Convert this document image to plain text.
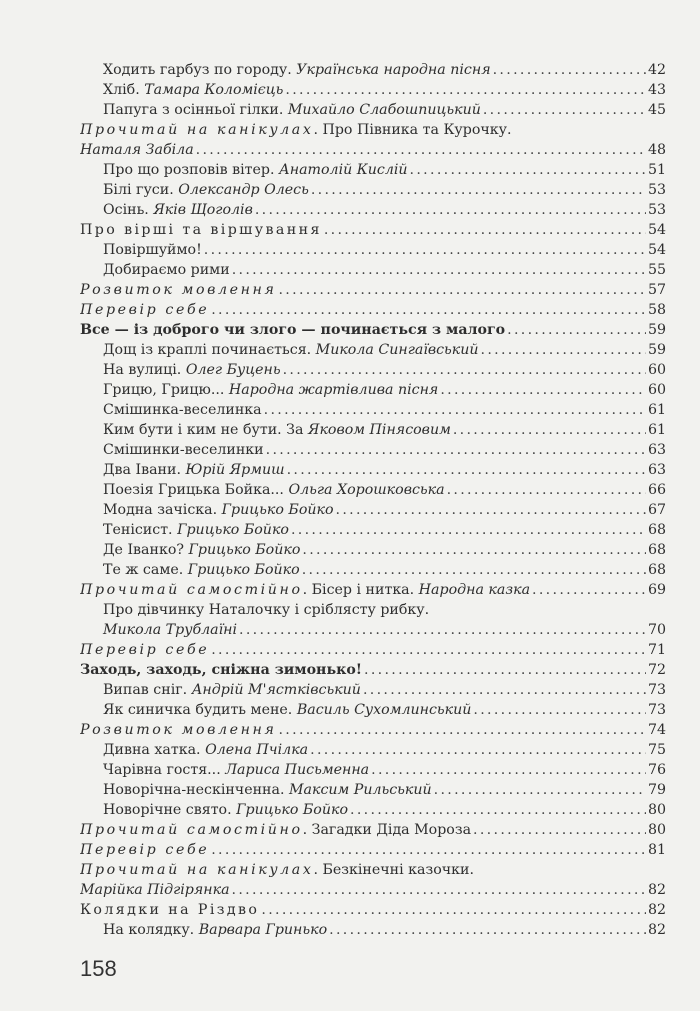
Ходить гарбуз по городу. Українська народна пісня . . .	42
Хліб. Тамара Коломієць . . .	43
Папуга з осінньої гілки. Михайло Слабошпицький . . .	45
Прочитай на канікулах. Про Півника та Курочку.
Наталя Забіла . . .	48
Про що розповів вітер. Анатолій Кислій . . .	51
Білі гуси. Олександр Олесь . . .	53
Осінь. Яків Щоголів . . .	53
Про вірші та віршування . . .	54
Повіршуймо! . . .	54
Добираємо рими . . .	55
Розвиток мовлення . . .	57
Перевір себе . . .	58
Все — із доброго чи злого — починається з малого . . .	59
Дощ із краплі починається. Микола Сингаївський . . .	59
На вулиці. Олег Буцень . . .	60
Грицю, Грицю... Народна жартівлива пісня . . .	60
Смішинка-веселинка . . .	61
Ким бути і ким не бути. За Яковом Пінясовим . . .	61
Смішинки-веселинки . . .	63
Два Івани. Юрій Ярмиш . . .	63
Поезія Грицька Бойка... Ольга Хорошковська . . .	66
Модна зачіска. Грицько Бойко . . .	67
Тенісист. Грицько Бойко . . .	68
Де Іванко? Грицько Бойко . . .	68
Те ж саме. Грицько Бойко . . .	68
Прочитай самостійно. Бісер і нитка. Народна казка . . .	69
Про дівчинку Наталочку і сріблясту рибку.
Микола Трублаїні . . .	70
Перевір себе . . .	71
Заходь, заходь, сніжна зимонько! . . .	72
Випав сніг. Андрій М'ястківський . . .	73
Як синичка будить мене. Василь Сухомлинський . . .	73
Розвиток мовлення . . .	74
Дивна хатка. Олена Пчілка . . .	75
Чарівна гостя... Лариса Письменна . . .	76
Новорічна-нескінченна. Максим Рильський . . .	79
Новорічне свято. Грицько Бойко . . .	80
Прочитай самостійно. Загадки Діда Мороза . . .	80
Перевір себе . . .	81
Прочитай на канікулах. Безкінечні казочки.
Марійка Підгірянка . . .	82
Колядки на Різдво . . .	82
На колядку. Варвара Гринько . . .	82
158
